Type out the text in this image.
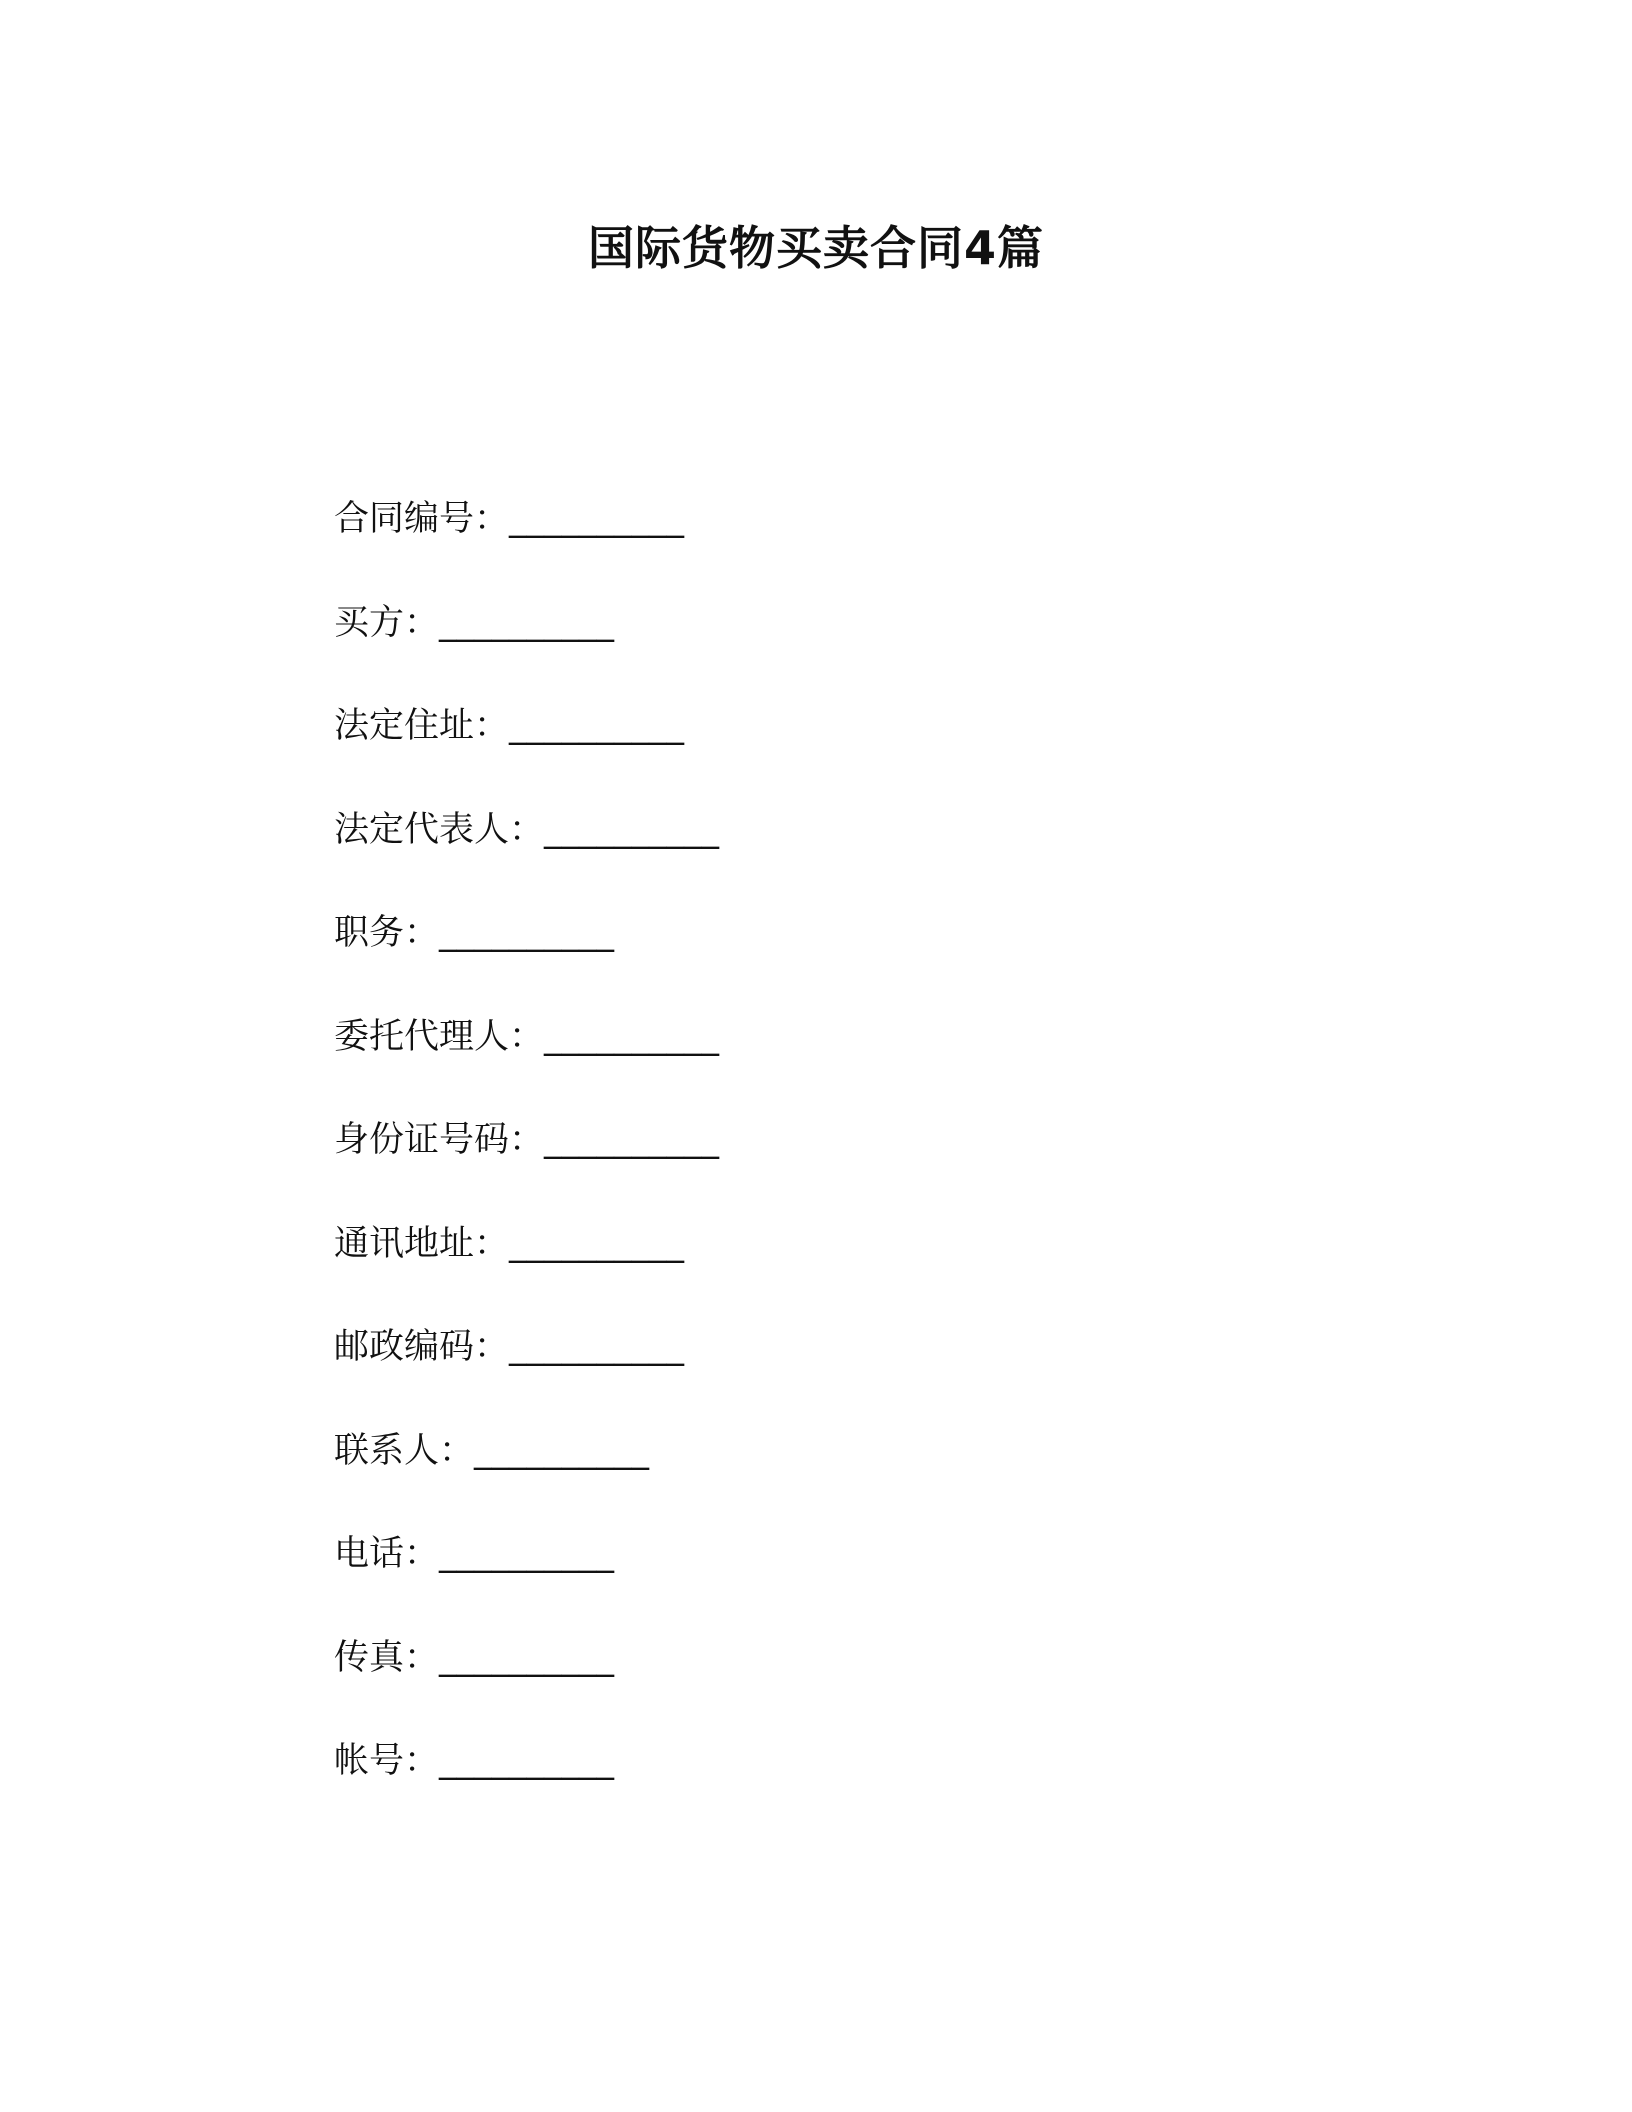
国际货物买卖合同4篇
合同编号：__________
买方：__________
法定住址：__________
法定代表人：__________
职务：__________
委托代理人：__________
身份证号码：__________
通讯地址：__________
邮政编码：__________
联系人：__________
电话：__________
传真：__________
帐号：__________
